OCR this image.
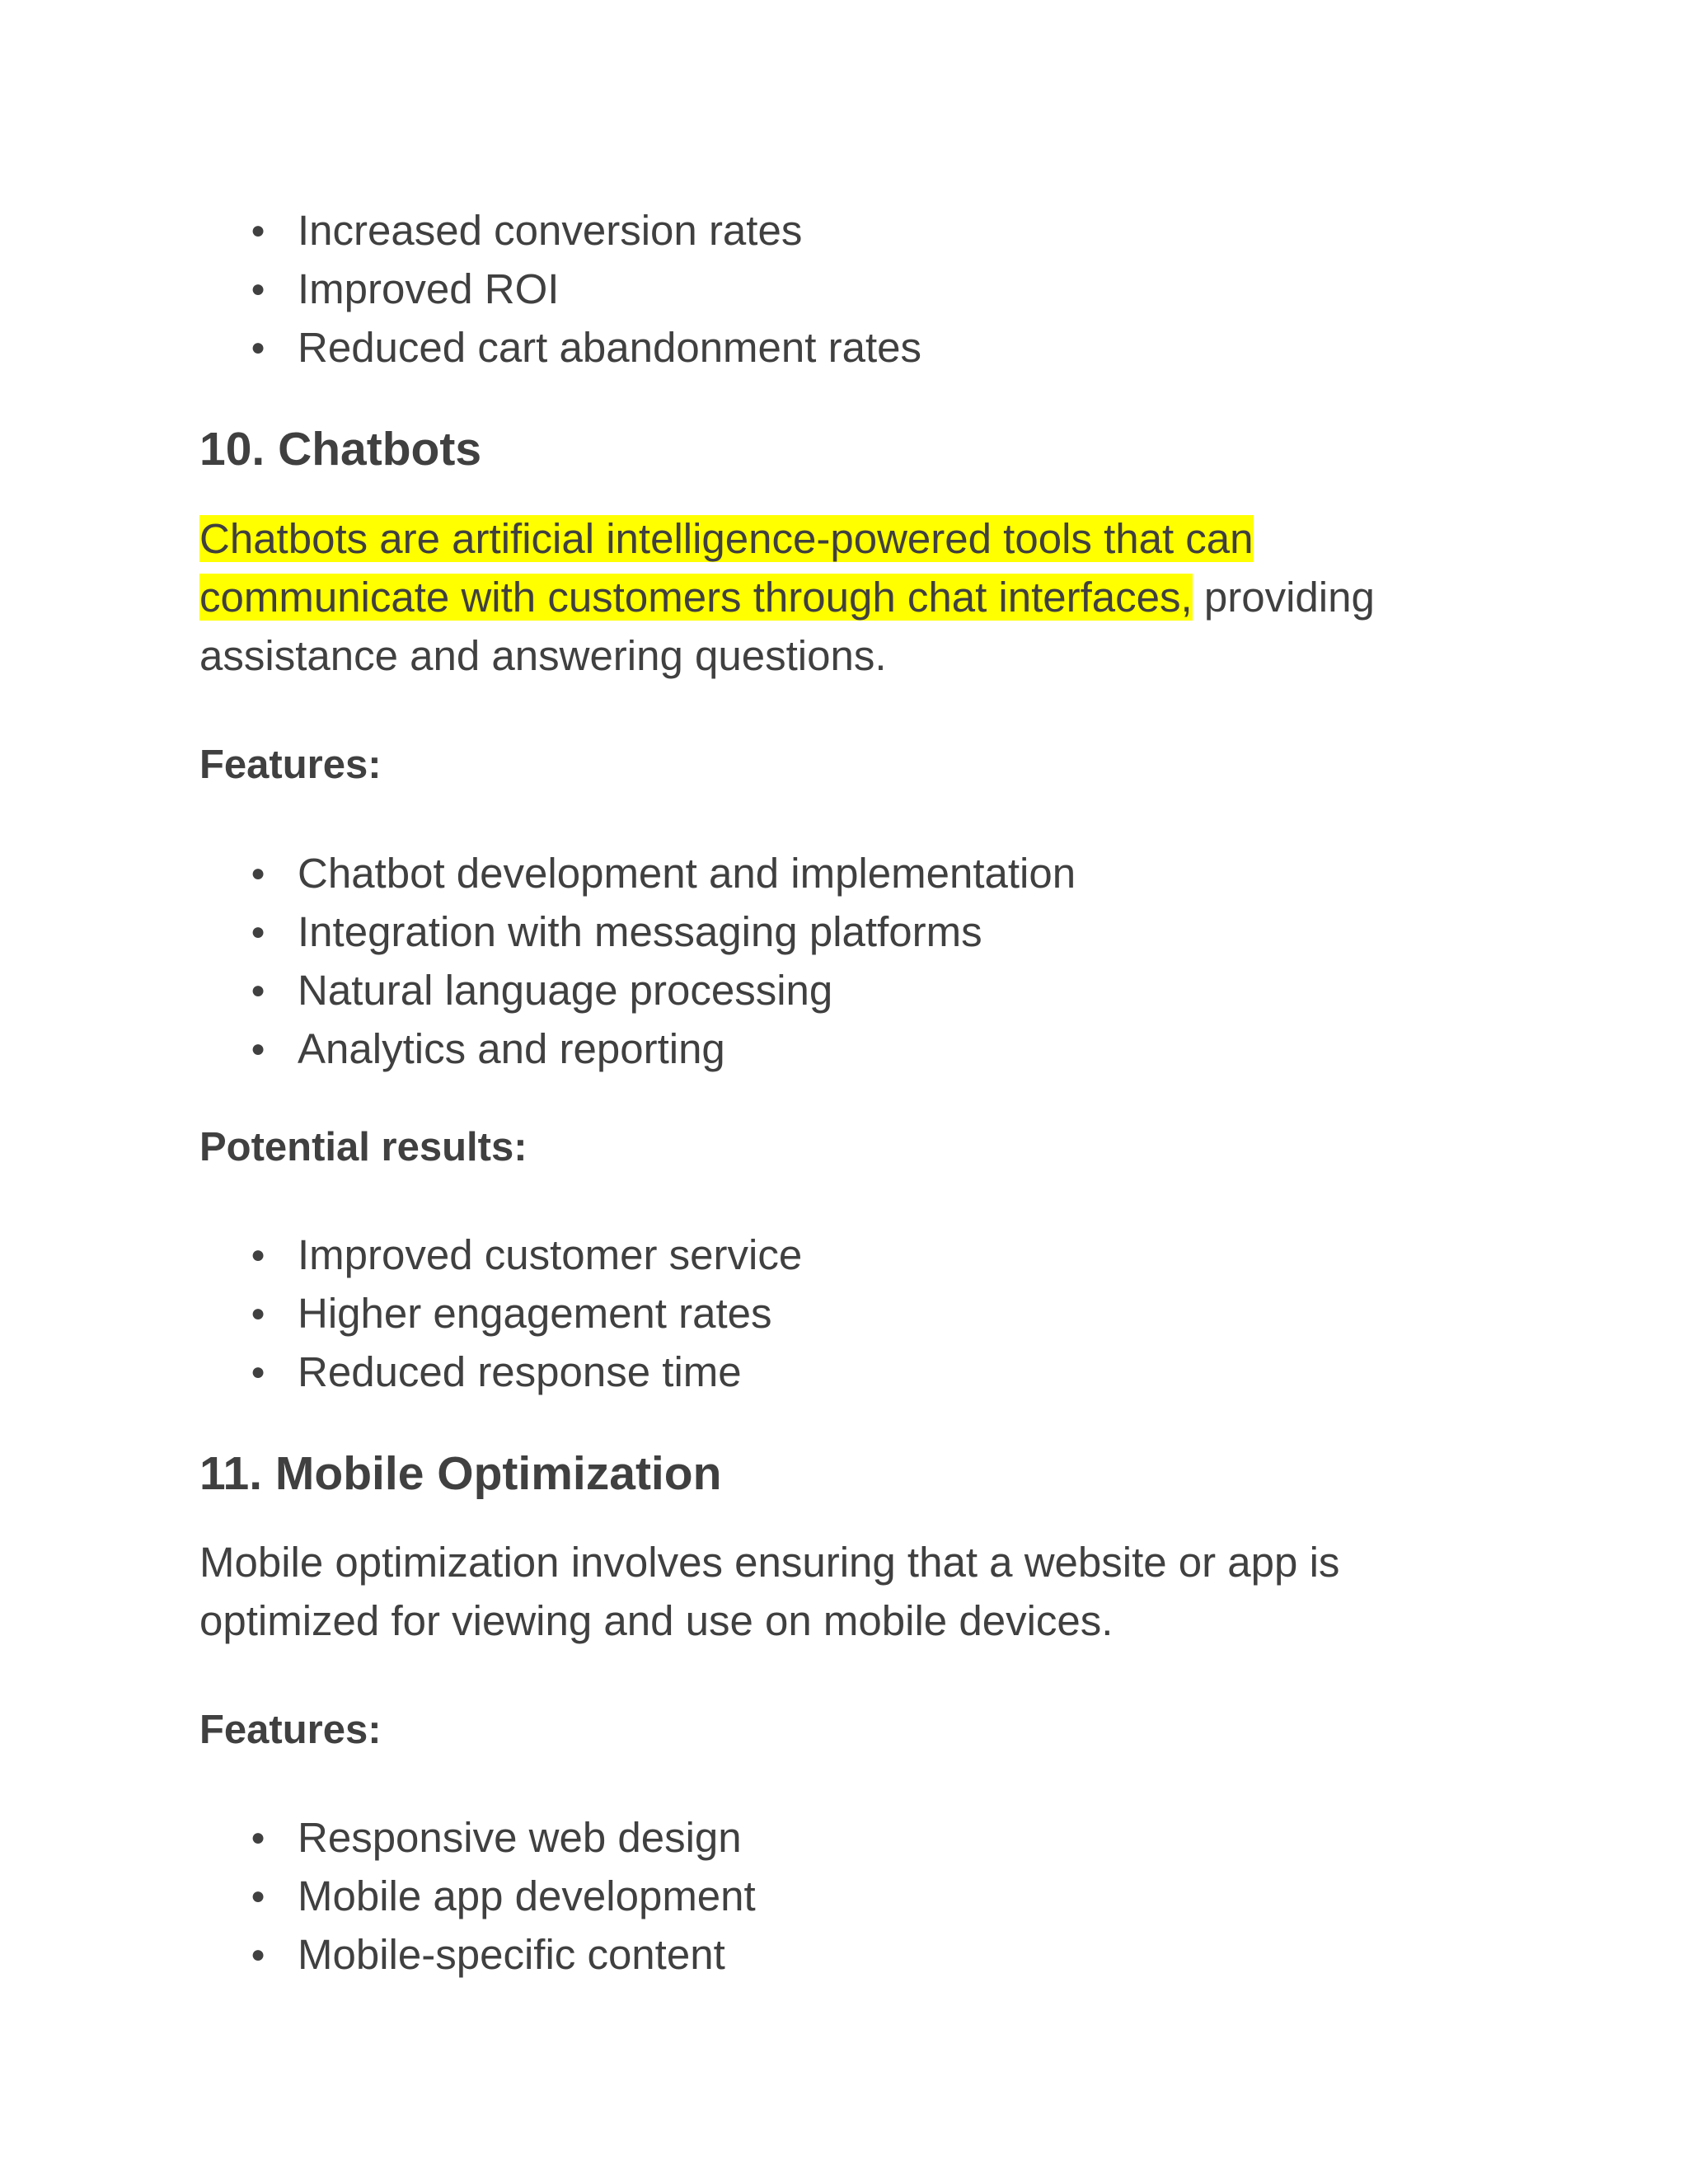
● Increased conversion rates
● Improved ROI
● Reduced cart abandonment rates
10. Chatbots

Chatbots are artificial intelligence-powered tools that can
communicate with customers through chat interfaces, providing
assistance and answering questions.

Features:

● Chatbot development and implementation
● Integration with messaging platforms
● Natural language processing
● Analytics and reporting

Potential results:

● Improved customer service
● Higher engagement rates
● Reduced response time
11. Mobile Optimization

Mobile optimization involves ensuring that a website or app is
optimized for viewing and use on mobile devices.

Features:

● Responsive web design
● Mobile app development
● Mobile-specific content
